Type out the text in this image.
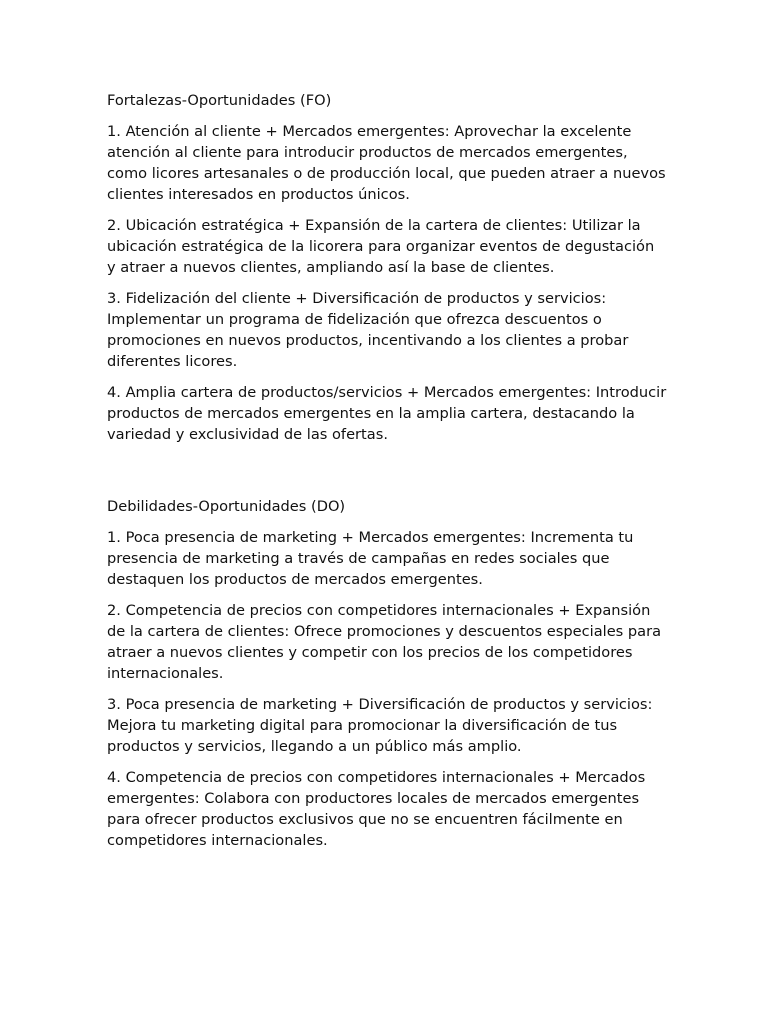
Fortalezas-Oportunidades (FO)

1. Atención al cliente + Mercados emergentes: Aprovechar la excelente atención al cliente para introducir productos de mercados emergentes, como licores artesanales o de producción local, que pueden atraer a nuevos clientes interesados en productos únicos.

2. Ubicación estratégica + Expansión de la cartera de clientes: Utilizar la ubicación estratégica de la licorera para organizar eventos de degustación y atraer a nuevos clientes, ampliando así la base de clientes.

3. Fidelización del cliente + Diversificación de productos y servicios: Implementar un programa de fidelización que ofrezca descuentos o promociones en nuevos productos, incentivando a los clientes a probar diferentes licores.

4. Amplia cartera de productos/servicios + Mercados emergentes: Introducir productos de mercados emergentes en la amplia cartera, destacando la variedad y exclusividad de las ofertas.

Debilidades-Oportunidades (DO)

1. Poca presencia de marketing + Mercados emergentes: Incrementa tu presencia de marketing a través de campañas en redes sociales que destaquen los productos de mercados emergentes.

2. Competencia de precios con competidores internacionales + Expansión de la cartera de clientes: Ofrece promociones y descuentos especiales para atraer a nuevos clientes y competir con los precios de los competidores internacionales.

3. Poca presencia de marketing + Diversificación de productos y servicios: Mejora tu marketing digital para promocionar la diversificación de tus productos y servicios, llegando a un público más amplio.

4. Competencia de precios con competidores internacionales + Mercados emergentes: Colabora con productores locales de mercados emergentes para ofrecer productos exclusivos que no se encuentren fácilmente en competidores internacionales.
